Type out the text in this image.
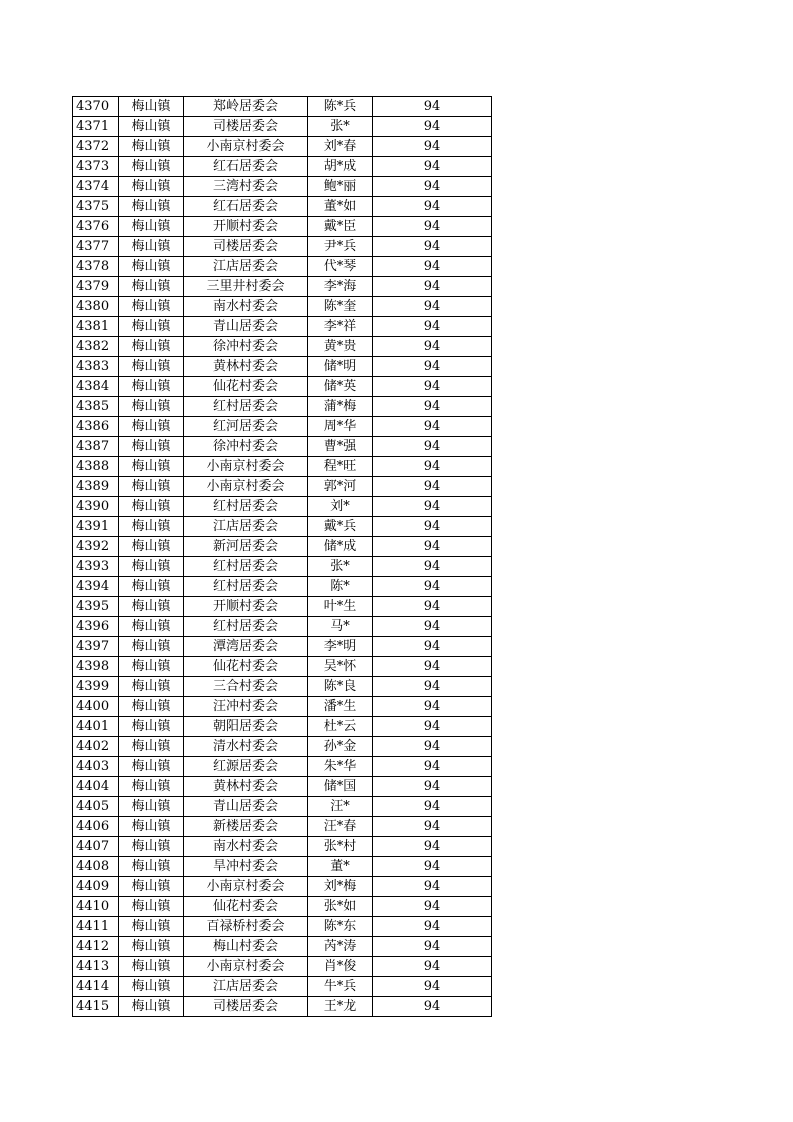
4370	梅山镇	郑岭居委会	陈*兵	94
4371	梅山镇	司楼居委会	张*	94
4372	梅山镇	小南京村委会	刘*春	94
4373	梅山镇	红石居委会	胡*成	94
4374	梅山镇	三湾村委会	鲍*丽	94
4375	梅山镇	红石居委会	董*如	94
4376	梅山镇	开顺村委会	戴*臣	94
4377	梅山镇	司楼居委会	尹*兵	94
4378	梅山镇	江店居委会	代*琴	94
4379	梅山镇	三里井村委会	李*海	94
4380	梅山镇	南水村委会	陈*奎	94
4381	梅山镇	青山居委会	李*祥	94
4382	梅山镇	徐冲村委会	黄*贵	94
4383	梅山镇	黄林村委会	储*明	94
4384	梅山镇	仙花村委会	储*英	94
4385	梅山镇	红村居委会	蒲*梅	94
4386	梅山镇	红河居委会	周*华	94
4387	梅山镇	徐冲村委会	曹*强	94
4388	梅山镇	小南京村委会	程*旺	94
4389	梅山镇	小南京村委会	郭*河	94
4390	梅山镇	红村居委会	刘*	94
4391	梅山镇	江店居委会	戴*兵	94
4392	梅山镇	新河居委会	储*成	94
4393	梅山镇	红村居委会	张*	94
4394	梅山镇	红村居委会	陈*	94
4395	梅山镇	开顺村委会	叶*生	94
4396	梅山镇	红村居委会	马*	94
4397	梅山镇	潭湾居委会	李*明	94
4398	梅山镇	仙花村委会	吴*怀	94
4399	梅山镇	三合村委会	陈*良	94
4400	梅山镇	汪冲村委会	潘*生	94
4401	梅山镇	朝阳居委会	杜*云	94
4402	梅山镇	清水村委会	孙*金	94
4403	梅山镇	红源居委会	朱*华	94
4404	梅山镇	黄林村委会	储*国	94
4405	梅山镇	青山居委会	汪*	94
4406	梅山镇	新楼居委会	汪*春	94
4407	梅山镇	南水村委会	张*村	94
4408	梅山镇	旱冲村委会	董*	94
4409	梅山镇	小南京村委会	刘*梅	94
4410	梅山镇	仙花村委会	张*如	94
4411	梅山镇	百禄桥村委会	陈*东	94
4412	梅山镇	梅山村委会	芮*涛	94
4413	梅山镇	小南京村委会	肖*俊	94
4414	梅山镇	江店居委会	牛*兵	94
4415	梅山镇	司楼居委会	王*龙	94
